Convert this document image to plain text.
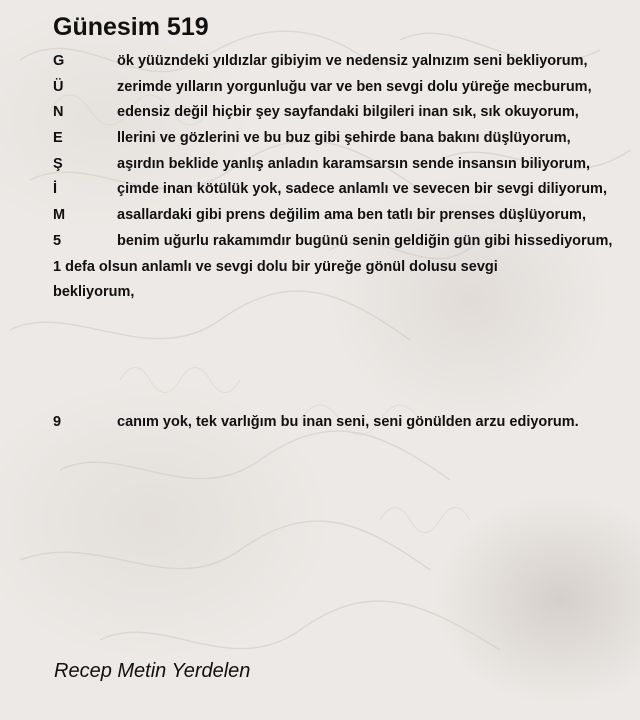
Günesim 519
G	ök yüüzndeki yıldızlar gibiyim ve nedensiz yalnızım seni bekliyorum,
Ü	zerimde yılların yorgunluğu var ve ben sevgi dolu yüreğe mecburum,
N	edensiz değil hiçbir şey sayfandaki bilgileri inan sık, sık okuyorum,
E	llerini ve gözlerini ve bu buz gibi şehirde bana bakını düşlüyorum,
Ş	aşırdın beklide yanlış anladın karamsarsın sende insansın biliyorum,
İ	çimde inan kötülük yok, sadece anlamlı ve sevecen bir sevgi diliyorum,
M	asallardaki gibi prens değilim ama ben tatlı bir prenses düşlüyorum,
5	benim uğurlu rakamımdır bugünü senin geldiğin gün gibi hissediyorum,
1 defa olsun anlamlı ve sevgi dolu bir yüreğe gönül dolusu sevgi bekliyorum,
9	canım yok, tek varlığım bu inan seni, seni gönülden arzu ediyorum.
Recep Metin Yerdelen
